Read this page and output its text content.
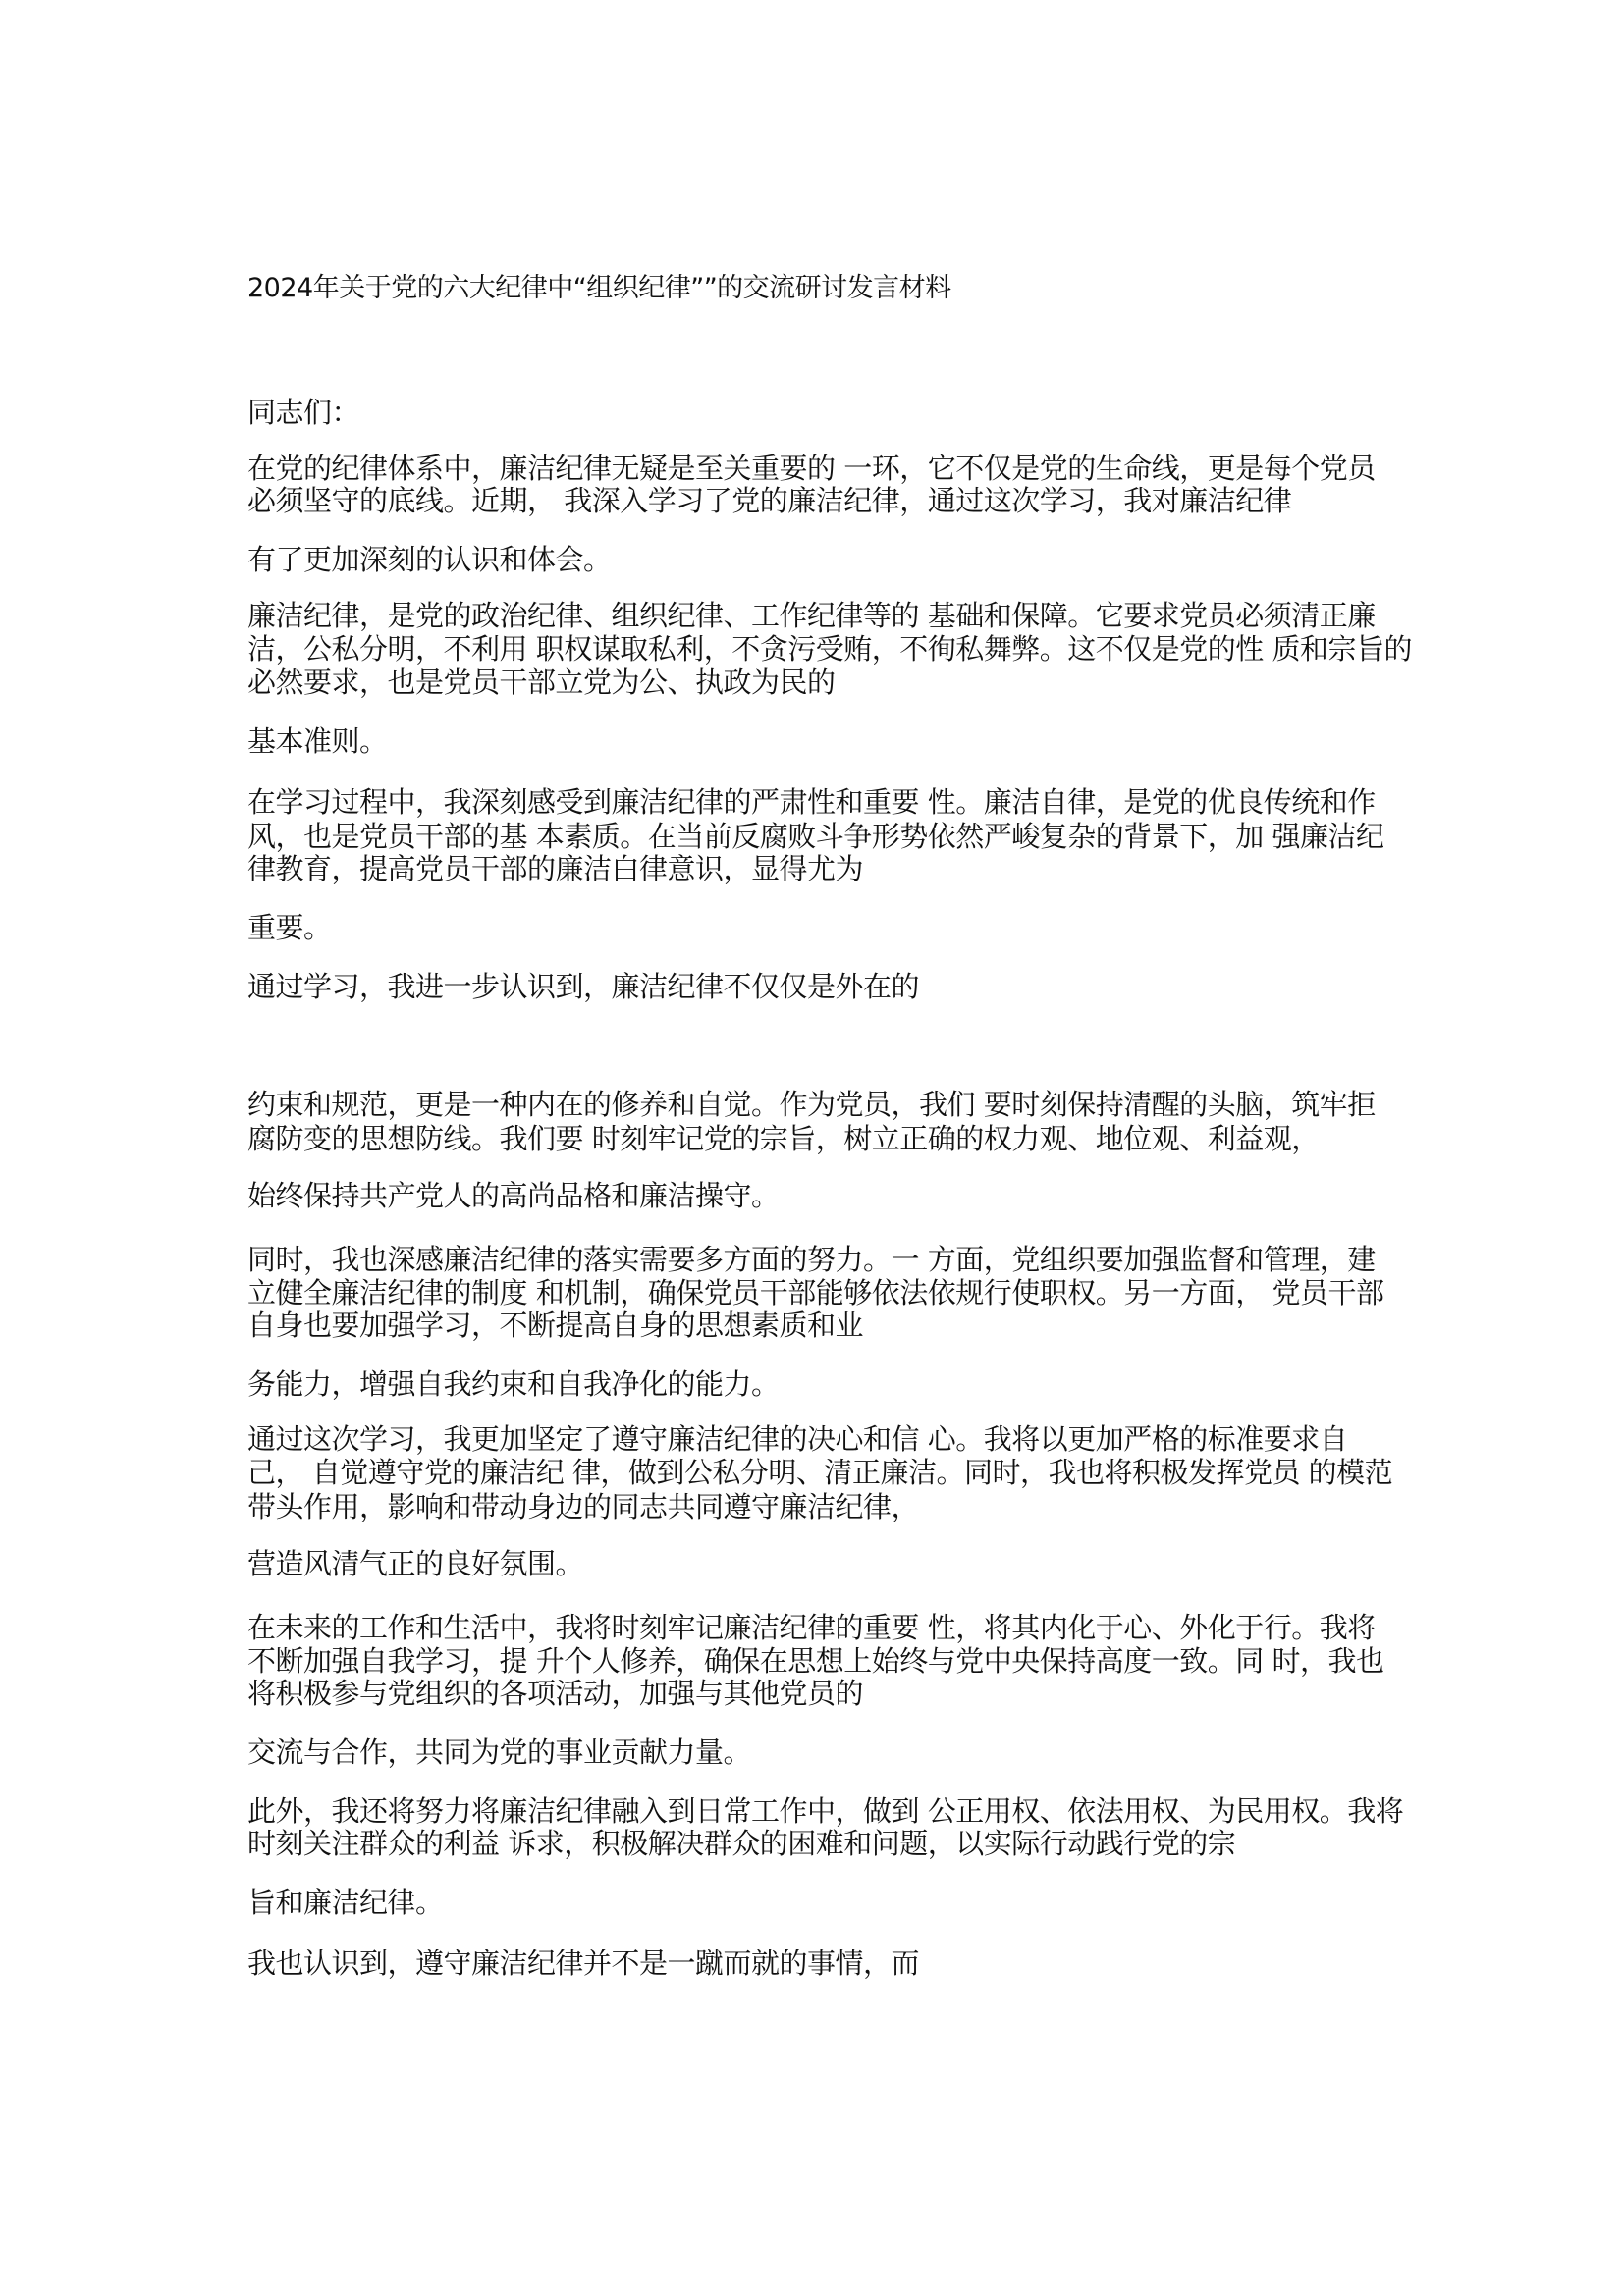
2024年关于党的六大纪律中“组织纪律””的交流研讨发言材料
同志们：
在党的纪律体系中，廉洁纪律无疑是至关重要的 一环，它不仅是党的生命线，更是每个党员
必须坚守的底线。近期， 我深入学习了党的廉洁纪律，通过这次学习，我对廉洁纪律
有了更加深刻的认识和体会。
廉洁纪律，是党的政治纪律、组织纪律、工作纪律等的 基础和保障。它要求党员必须清正廉
洁，公私分明，不利用 职权谋取私利，不贪污受贿，不徇私舞弊。这不仅是党的性 质和宗旨的
必然要求，也是党员干部立党为公、执政为民的
基本准则。
在学习过程中，我深刻感受到廉洁纪律的严肃性和重要 性。廉洁自律，是党的优良传统和作
风，也是党员干部的基 本素质。在当前反腐败斗争形势依然严峻复杂的背景下，加 强廉洁纪
律教育，提高党员干部的廉洁白律意识，显得尤为
重要。
通过学习，我进一步认识到，廉洁纪律不仅仅是外在的
约束和规范，更是一种内在的修养和自觉。作为党员，我们 要时刻保持清醒的头脑，筑牢拒
腐防变的思想防线。我们要 时刻牢记党的宗旨，树立正确的权力观、地位观、利益观，
始终保持共产党人的高尚品格和廉洁操守。
同时，我也深感廉洁纪律的落实需要多方面的努力。一 方面，党组织要加强监督和管理，建
立健全廉洁纪律的制度 和机制，确保党员干部能够依法依规行使职权。另一方面， 党员干部
自身也要加强学习，不断提高自身的思想素质和业
务能力，增强自我约束和自我净化的能力。
通过这次学习，我更加坚定了遵守廉洁纪律的决心和信 心。我将以更加严格的标准要求自
己， 自觉遵守党的廉洁纪 律，做到公私分明、清正廉洁。同时，我也将积极发挥党员 的模范
带头作用，影响和带动身边的同志共同遵守廉洁纪律，
营造风清气正的良好氛围。
在未来的工作和生活中，我将时刻牢记廉洁纪律的重要 性，将其内化于心、外化于行。我将
不断加强自我学习，提 升个人修养，确保在思想上始终与党中央保持高度一致。同 时，我也
将积极参与党组织的各项活动，加强与其他党员的
交流与合作，共同为党的事业贡献力量。
此外，我还将努力将廉洁纪律融入到日常工作中，做到 公正用权、依法用权、为民用权。我将
时刻关注群众的利益 诉求，积极解决群众的困难和问题，以实际行动践行党的宗
旨和廉洁纪律。
我也认识到，遵守廉洁纪律并不是一蹴而就的事情，而
